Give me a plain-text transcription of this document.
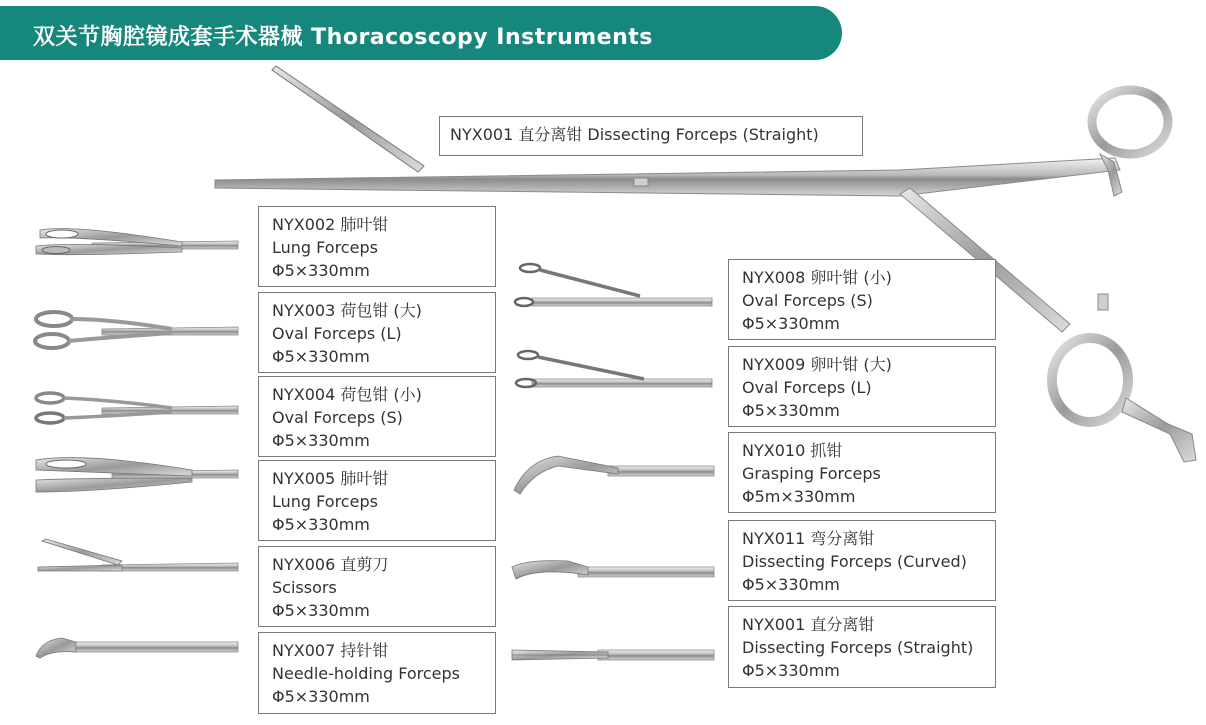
双关节胸腔镜成套手术器械 Thoracoscopy Instruments
NYX001 直分离钳 Dissecting Forceps (Straight)
NYX002 肺叶钳
Lung Forceps
Φ5×330mm
NYX003 荷包钳 (大)
Oval Forceps (L)
Φ5×330mm
NYX004 荷包钳 (小)
Oval Forceps (S)
Φ5×330mm
NYX005 肺叶钳
Lung Forceps
Φ5×330mm
NYX006 直剪刀
Scissors
Φ5×330mm
NYX007 持针钳
Needle-holding Forceps
Φ5×330mm
NYX008 卵叶钳 (小)
Oval Forceps (S)
Φ5×330mm
NYX009 卵叶钳 (大)
Oval Forceps (L)
Φ5×330mm
NYX010 抓钳
Grasping Forceps
Φ5m×330mm
NYX011 弯分离钳
Dissecting Forceps (Curved)
Φ5×330mm
NYX001 直分离钳
Dissecting Forceps (Straight)
Φ5×330mm
